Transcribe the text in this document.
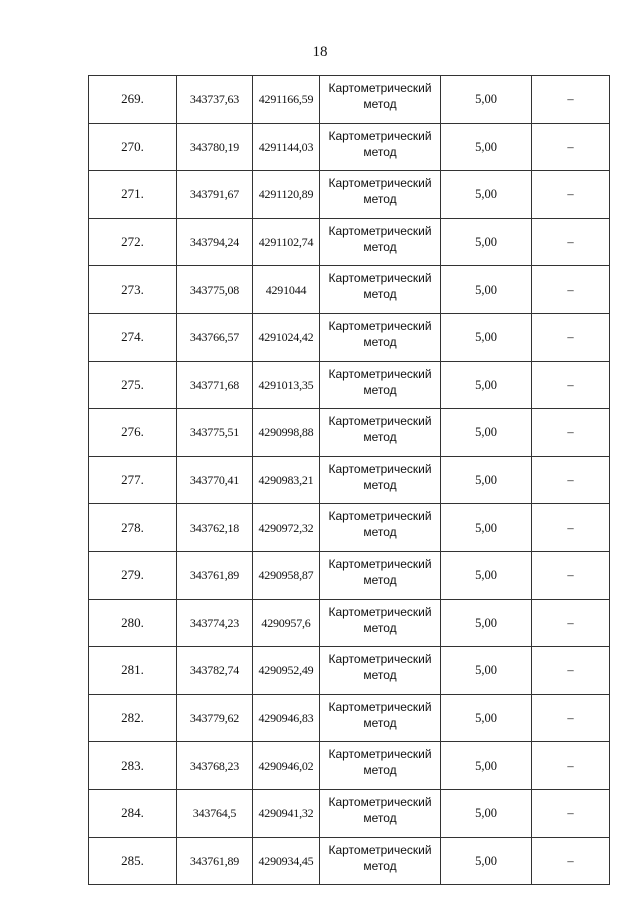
18
269.	343737,63	4291166,59	Картометрический
метод	5,00	–
270.	343780,19	4291144,03	Картометрический
метод	5,00	–
271.	343791,67	4291120,89	Картометрический
метод	5,00	–
272.	343794,24	4291102,74	Картометрический
метод	5,00	–
273.	343775,08	4291044	Картометрический
метод	5,00	–
274.	343766,57	4291024,42	Картометрический
метод	5,00	–
275.	343771,68	4291013,35	Картометрический
метод	5,00	–
276.	343775,51	4290998,88	Картометрический
метод	5,00	–
277.	343770,41	4290983,21	Картометрический
метод	5,00	–
278.	343762,18	4290972,32	Картометрический
метод	5,00	–
279.	343761,89	4290958,87	Картометрический
метод	5,00	–
280.	343774,23	4290957,6	Картометрический
метод	5,00	–
281.	343782,74	4290952,49	Картометрический
метод	5,00	–
282.	343779,62	4290946,83	Картометрический
метод	5,00	–
283.	343768,23	4290946,02	Картометрический
метод	5,00	–
284.	343764,5	4290941,32	Картометрический
метод	5,00	–
285.	343761,89	4290934,45	Картометрический
метод	5,00	–
